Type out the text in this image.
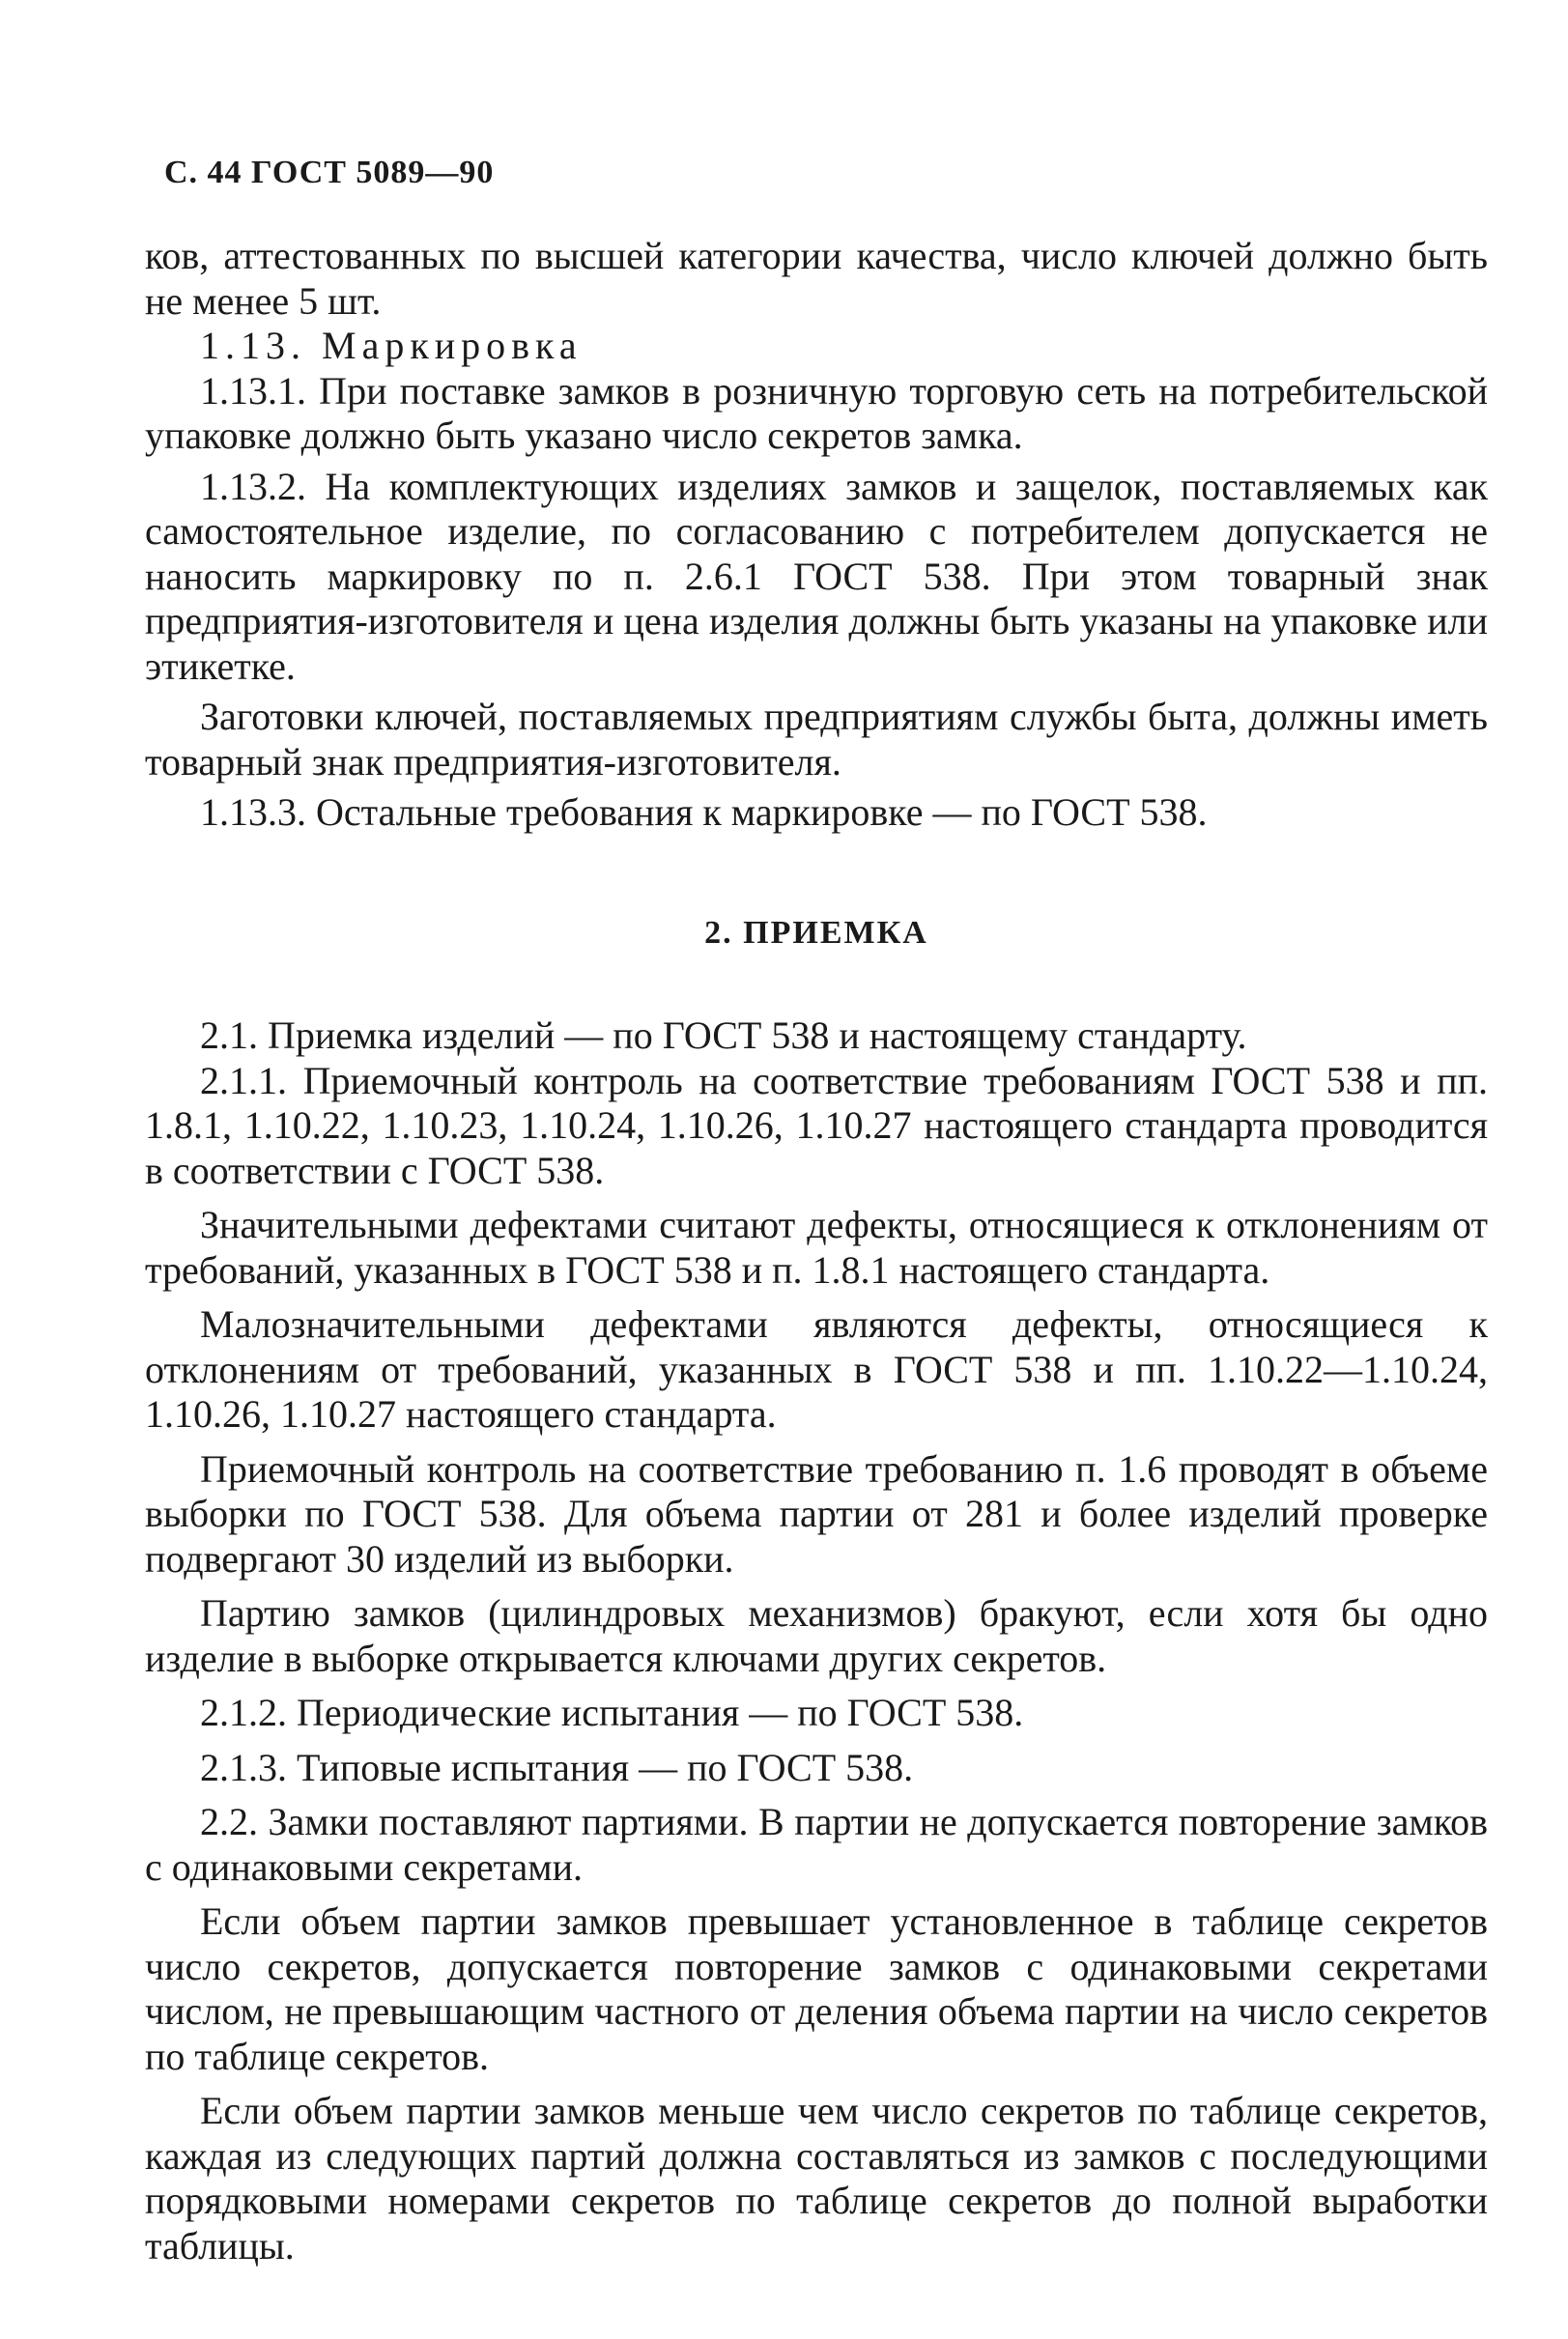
С. 44 ГОСТ 5089—90

ков, аттестованных по высшей категории качества, число ключей должно быть не менее 5 шт.

1.13. Маркировка

1.13.1. При поставке замков в розничную торговую сеть на потребительской упаковке должно быть указано число секретов замка.

1.13.2. На комплектующих изделиях замков и защелок, поставляемых как самостоятельное изделие, по согласованию с потребителем допускается не наносить маркировку по п. 2.6.1 ГОСТ 538. При этом товарный знак предприятия-изготовителя и цена изделия должны быть указаны на упаковке или этикетке.

Заготовки ключей, поставляемых предприятиям службы быта, должны иметь товарный знак предприятия-изготовителя.

1.13.3. Остальные требования к маркировке — по ГОСТ 538.

2. ПРИЕМКА

2.1. Приемка изделий — по ГОСТ 538 и настоящему стандарту.

2.1.1. Приемочный контроль на соответствие требованиям ГОСТ 538 и пп. 1.8.1, 1.10.22, 1.10.23, 1.10.24, 1.10.26, 1.10.27 настоящего стандарта проводится в соответствии с ГОСТ 538.

Значительными дефектами считают дефекты, относящиеся к отклонениям от требований, указанных в ГОСТ 538 и п. 1.8.1 настоящего стандарта.

Малозначительными дефектами являются дефекты, относящиеся к отклонениям от требований, указанных в ГОСТ 538 и пп. 1.10.22—1.10.24, 1.10.26, 1.10.27 настоящего стандарта.

Приемочный контроль на соответствие требованию п. 1.6 проводят в объеме выборки по ГОСТ 538. Для объема партии от 281 и более изделий проверке подвергают 30 изделий из выборки.

Партию замков (цилиндровых механизмов) бракуют, если хотя бы одно изделие в выборке открывается ключами других секретов.

2.1.2. Периодические испытания — по ГОСТ 538.

2.1.3. Типовые испытания — по ГОСТ 538.

2.2. Замки поставляют партиями. В партии не допускается повторение замков с одинаковыми секретами.

Если объем партии замков превышает установленное в таблице секретов число секретов, допускается повторение замков с одинаковыми секретами числом, не превышающим частного от деления объема партии на число секретов по таблице секретов.

Если объем партии замков меньше чем число секретов по таблице секретов, каждая из следующих партий должна составляться из замков с последующими порядковыми номерами секретов по таблице секретов до полной выработки таблицы.
